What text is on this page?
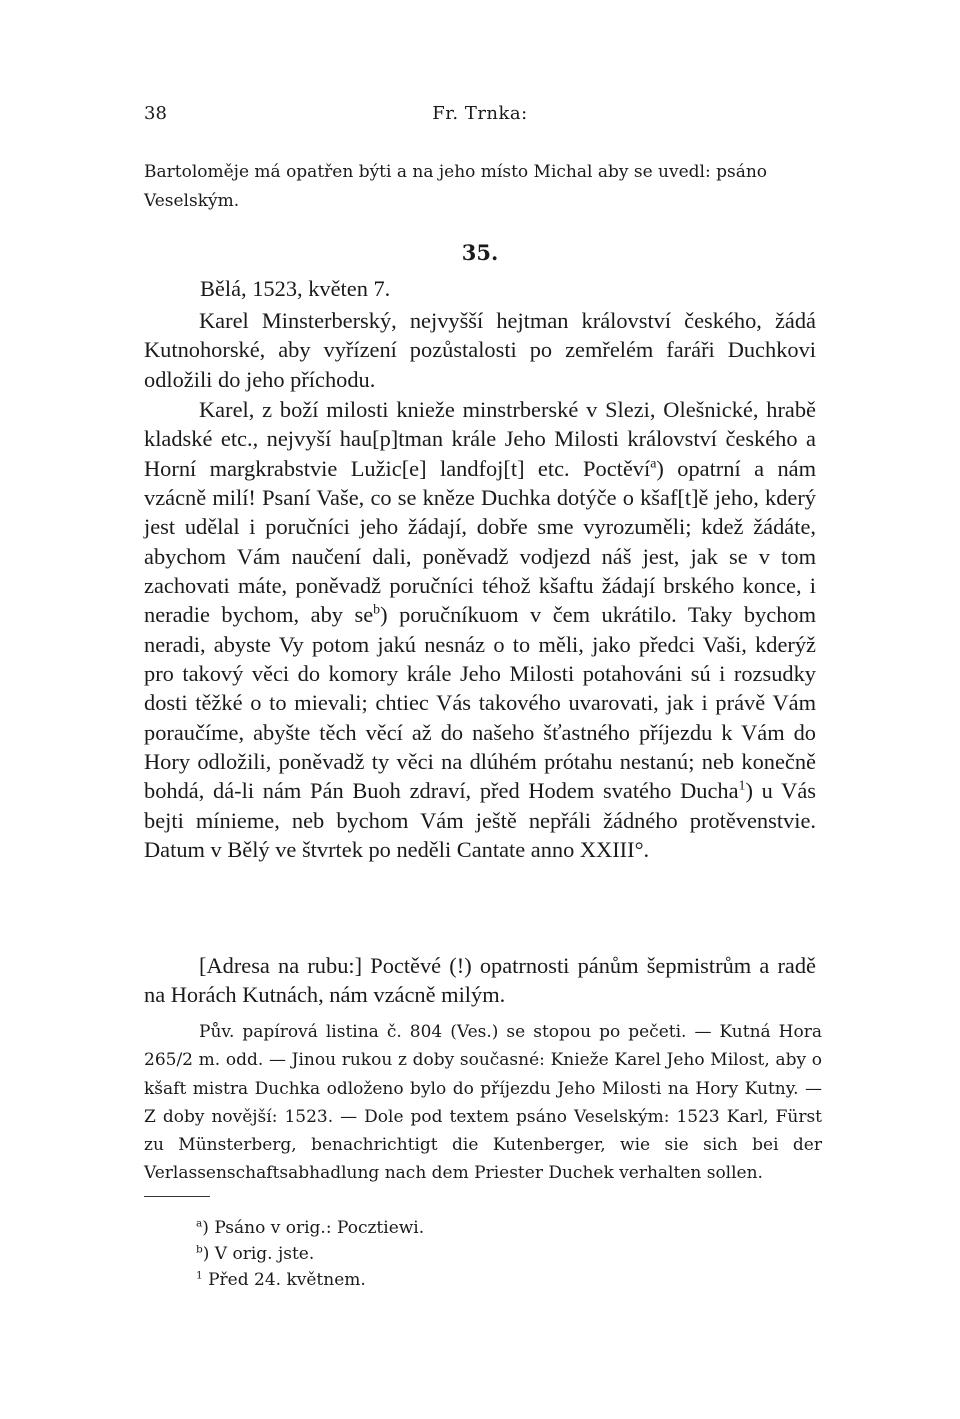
38	Fr. Trnka:

Bartoloměje má opatřen býti a na jeho místo Michal aby se uvedl: psáno Veselským.

35.
Bělá, 1523, květen 7.

Karel Minsterberský, nejvyšší hejtman království českého, žádá Kutnohorské, aby vyřízení pozůstalosti po zemřelém faráři Duchkovi odložili do jeho příchodu.

Karel, z boží milosti knieže minstrberské v Slezi, Olešnické, hrabě kladské etc., nejvyší hau[p]tman krále Jeho Milosti království českého a Horní margkrabstvie Lužic[e] landfoj[t] etc. Poctěví$^a$) opatrní a nám vzácně milí! Psaní Vaše, co se kněze Duchka dotýče o kšaf[t]ě jeho, kderý jest udělal i poručníci jeho žádají, dobře sme vyrozuměli; kdež žádáte, abychom Vám naučení dali, poněvadž vodjezd náš jest, jak se v tom zachovati máte, poněvadž poručníci téhož kšaftu žádají brského konce, i neradie bychom, aby $se^b$) poručníkuom v čem ukrátilo. Taky bychom neradi, abyste Vy potom jakú nesnáz o to měli, jako předci Vaši, kderýž pro takový věci do komory krále Jeho Milosti potahováni sú i rozsudky dosti těžké o to mievali; chtiec Vás takového uvarovati, jak i právě Vám poraučíme, abyšte těch věcí až do našeho šťastného příjezdu k Vám do Hory odložili, poněvadž ty věci na dlúhém prótahu nestanú; neb konečně bohdá, dá-li nám Pán Buoh zdraví, před Hodem svatého Ducha$^1$) u Vás bejti mínieme, neb bychom Vám ještě nepřáli žádného protěvenstvie. Datum v Bělý ve štvrtek po neděli Cantate anno XXIII°.

[Adresa na rubu:] Poctěvé (!) opatrnosti pánům šepmistrům a radě na Horách Kutnách, nám vzácně milým.

Pův. papírová listina č. 804 (Ves.) se stopou po pečeti. — Kutná Hora 265/2 m. odd. — Jinou rukou z doby současné: Knieže Karel Jeho Milost, aby o kšaft mistra Duchka odloženo bylo do příjezdu Jeho Milosti na Hory Kutny. — Z doby novější: 1523. — Dole pod textem psáno Veselským: 1523 Karl, Fürst zu Münsterberg, benachrichtigt die Kutenberger, wie sie sich bei der Verlassenschaftsabhadlung nach dem Priester Duchek verhalten sollen.

$^a$) Psáno v orig.: Pocztiewi.
$^b$) V orig. jste.
$^1$ Před 24. květnem.
